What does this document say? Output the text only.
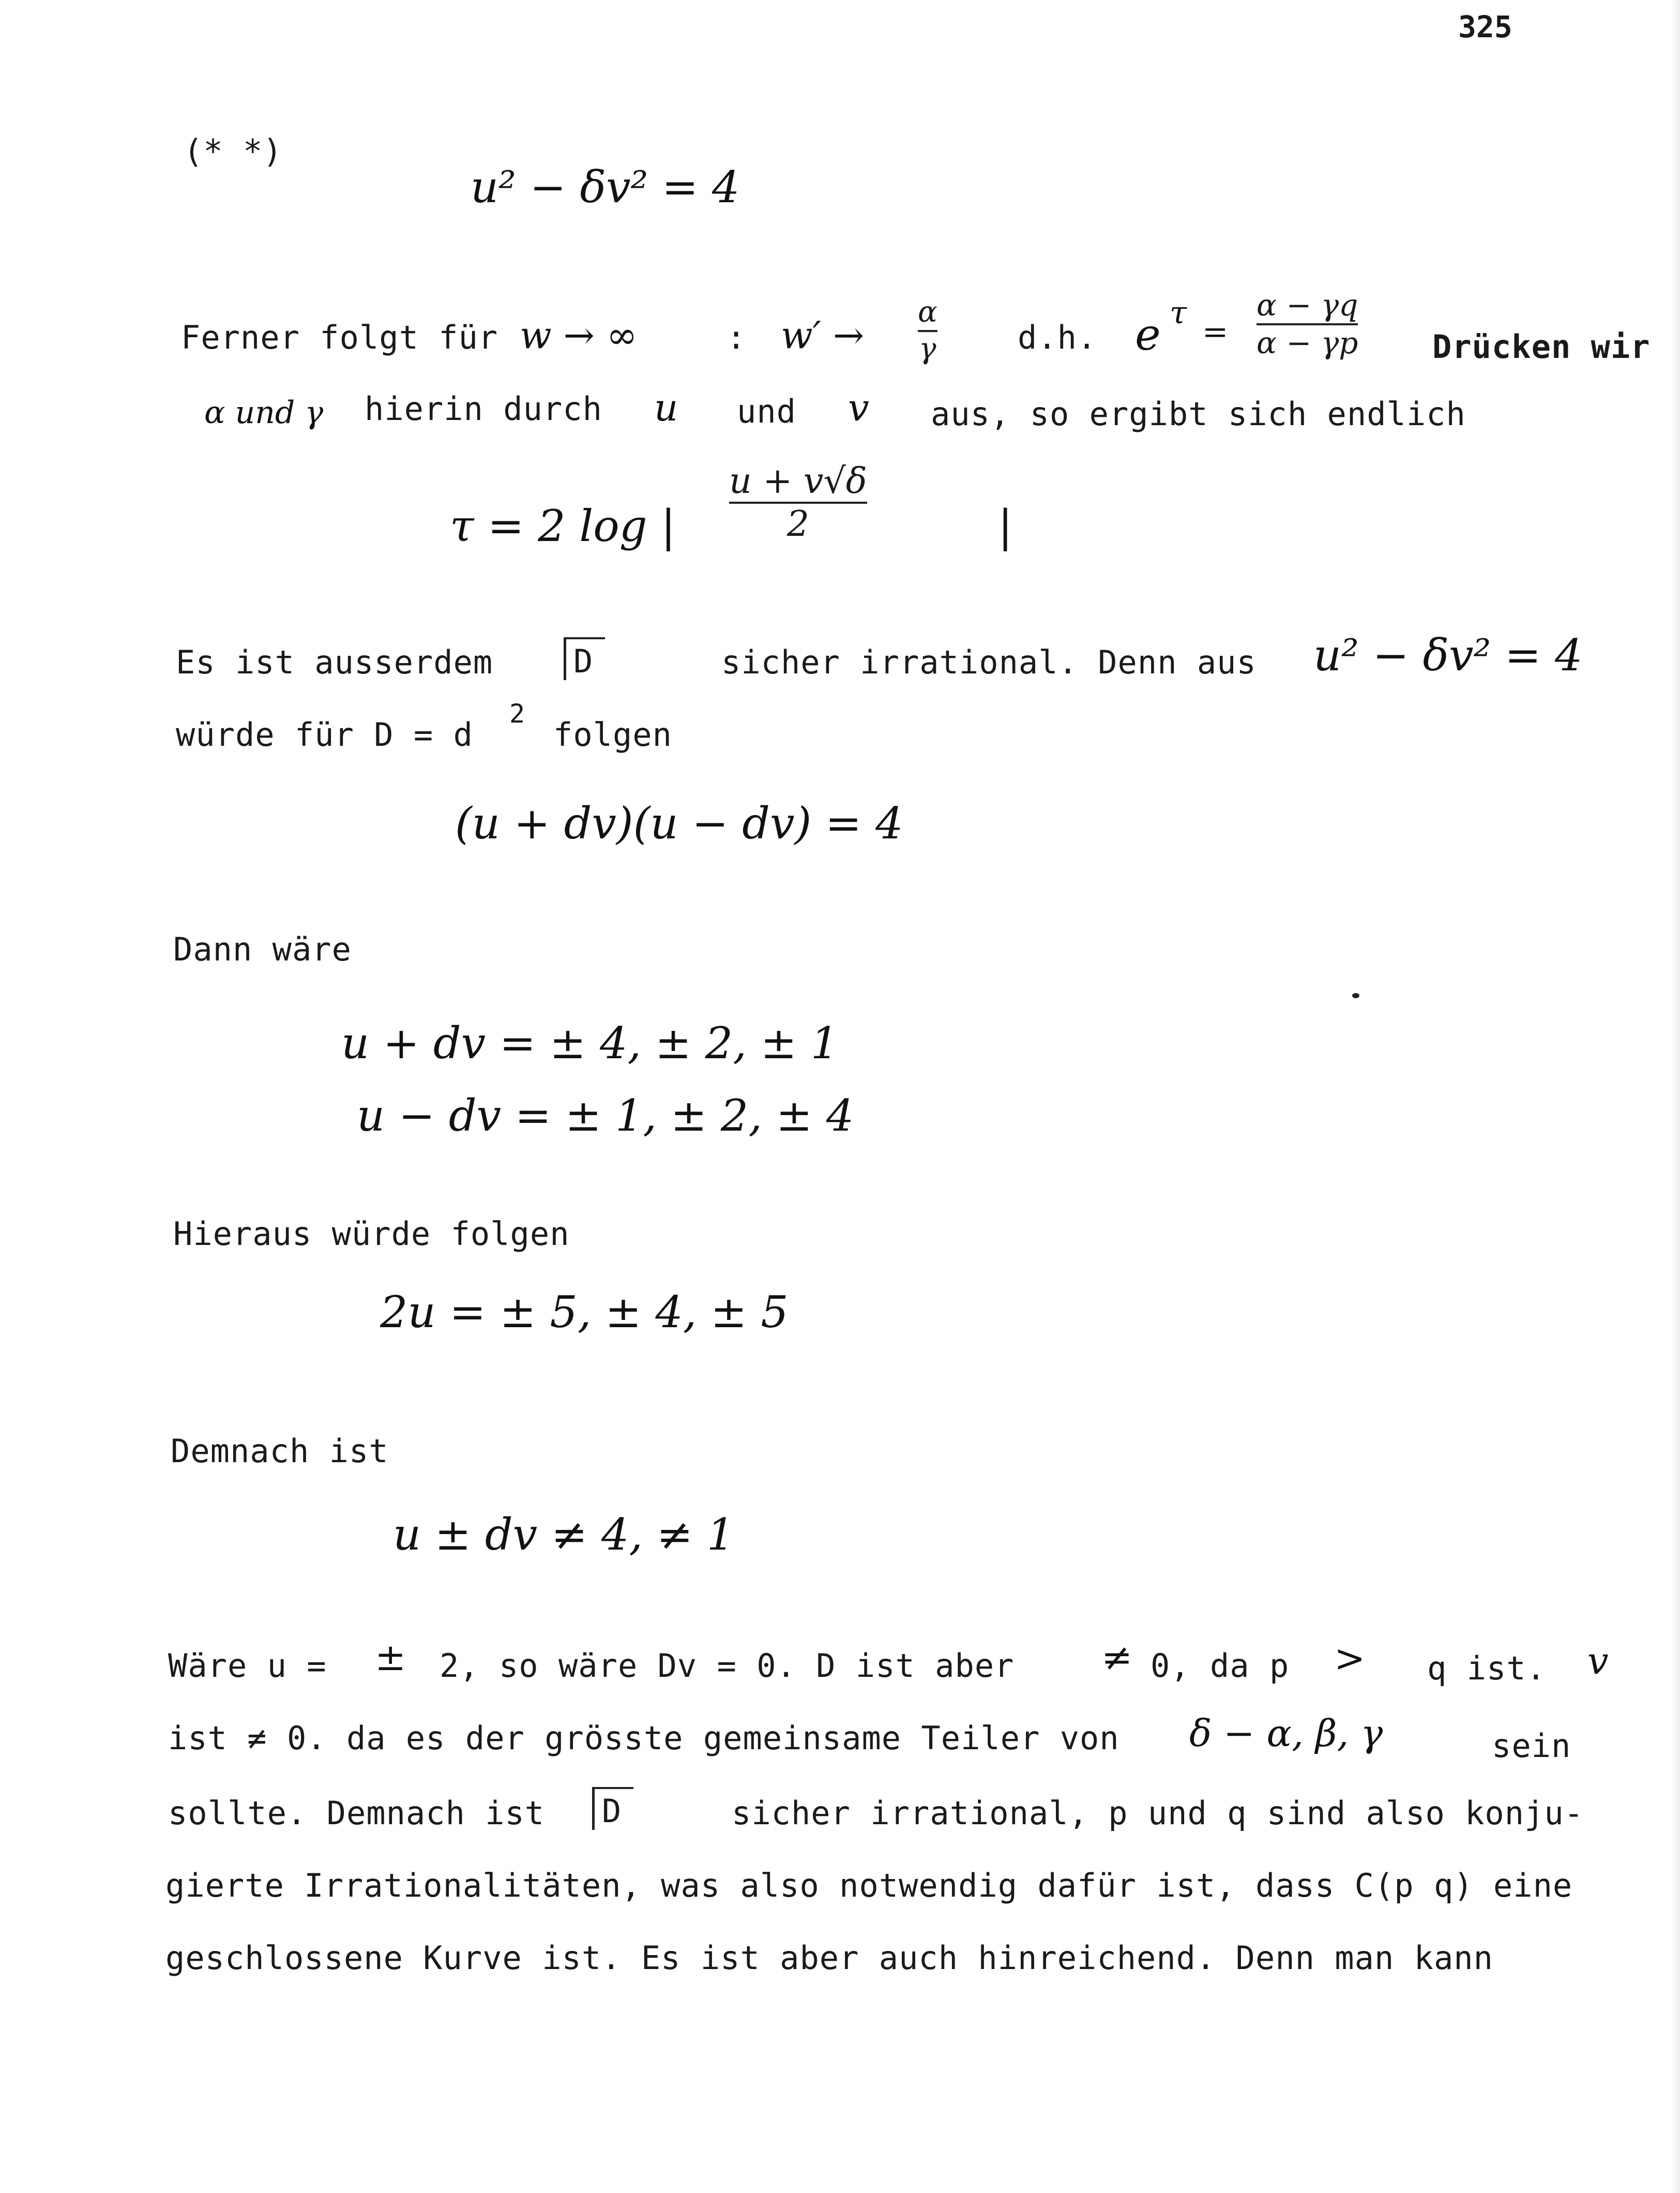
325
(* *)
u² − δv² = 4
Ferner folgt für w → ∞	: w′ →
α
γ	d.h. e τ
=
α − γq
α − γp Drücken wir
α und γ hierin durch u und v aus, so ergibt sich endlich
τ = 2 log |
u + v√δ
2	|
Es ist ausserdem	D	sicher irrational. Denn aus u² − δv² = 4
würde für D = d
2
folgen
(u + dv)(u − dv) = 4
Dann wäre
u + dv = ± 4, ± 2, ± 1
u − dv = ± 1, ± 2, ± 4
Hieraus würde folgen
2u = ± 5, ± 4, ± 5
Demnach ist
u ± dv ≠ 4, ≠ 1
Wäre u = ± 2, so wäre Dv = 0. D ist aber ≠ 0, da p > q ist. v
ist ≠ 0. da es der grösste gemeinsame Teiler von δ − α, β, γ	sein
sollte. Demnach ist	D	sicher irrational, p und q sind also konju-
gierte Irrationalitäten, was also notwendig dafür ist, dass C(p q) eine
geschlossene Kurve ist. Es ist aber auch hinreichend. Denn man kann
